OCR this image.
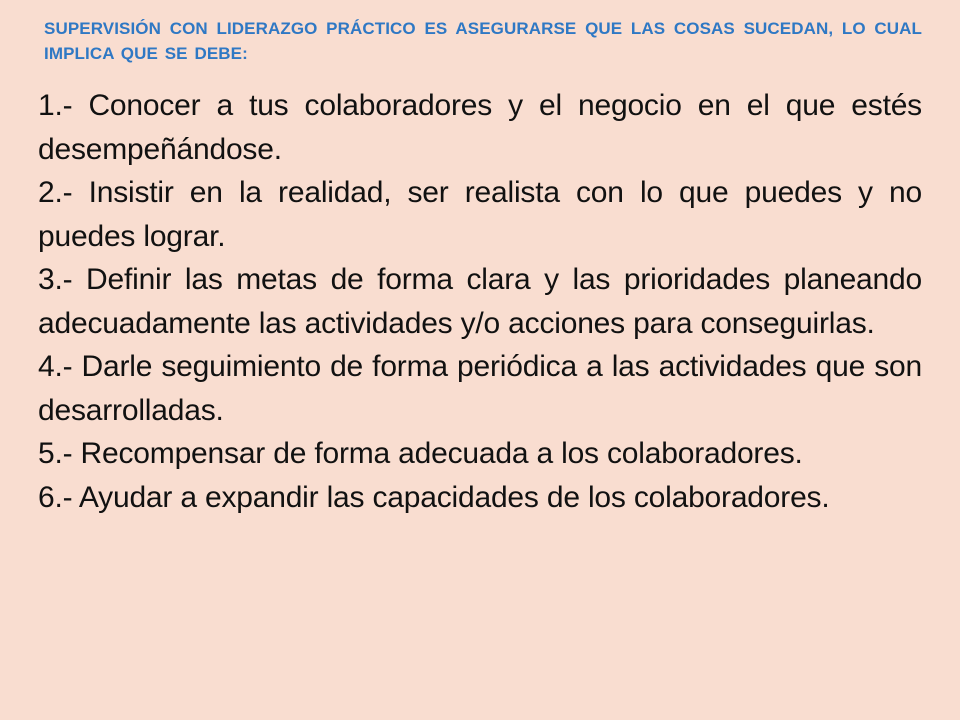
SUPERVISIÓN CON LIDERAZGO PRÁCTICO ES ASEGURARSE QUE LAS COSAS SUCEDAN, LO CUAL IMPLICA QUE SE DEBE:
1.- Conocer a tus colaboradores y el negocio en el que estés desempeñándose.
2.- Insistir en la realidad, ser realista con lo que puedes y no puedes lograr.
3.- Definir las metas de forma clara y las prioridades planeando adecuadamente las actividades y/o acciones para conseguirlas.
4.- Darle seguimiento de forma periódica a las actividades que son desarrolladas.
5.- Recompensar de forma adecuada a los colaboradores.
6.- Ayudar a expandir las capacidades de los colaboradores.
